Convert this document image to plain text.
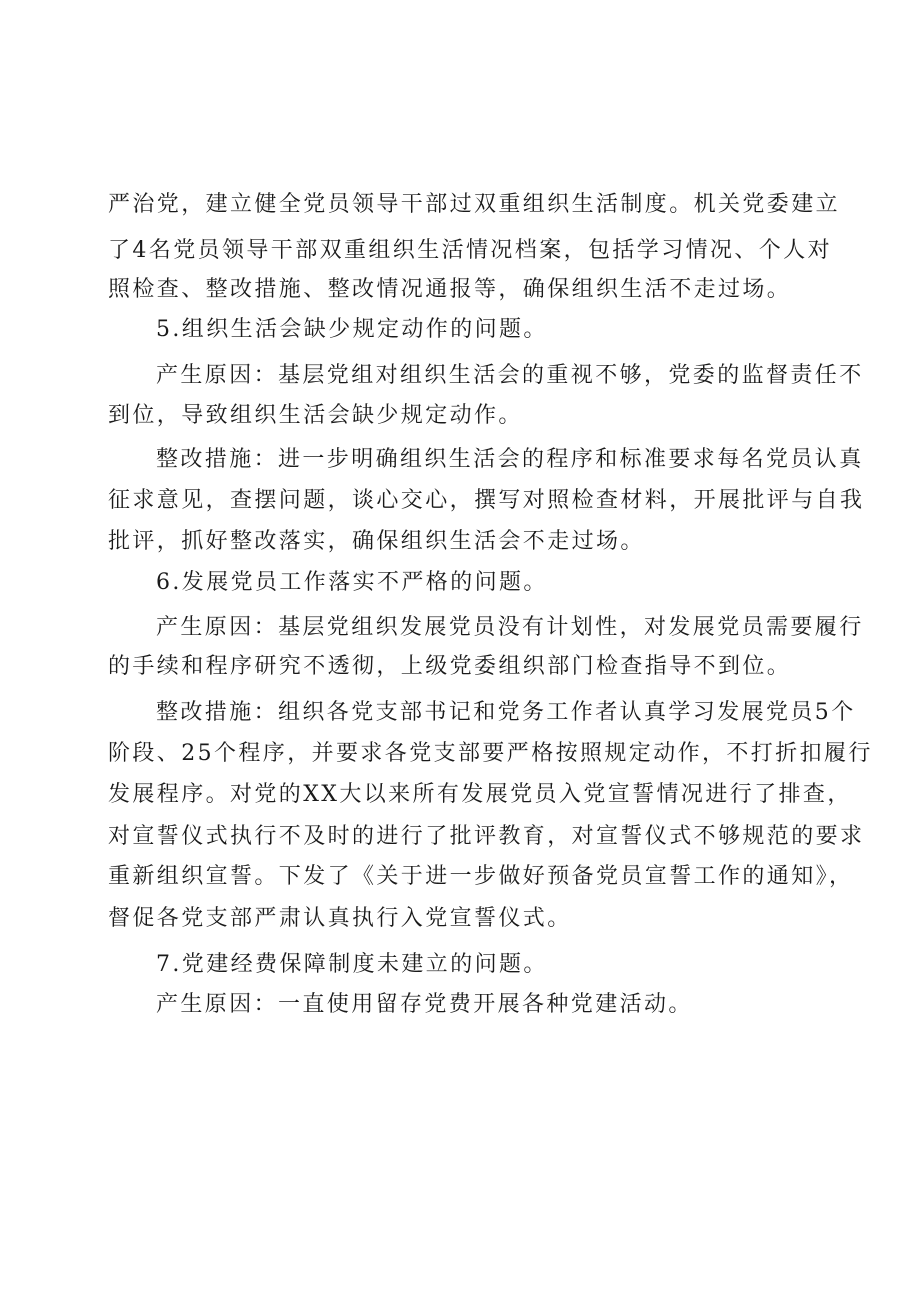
严治党，建立健全党员领导干部过双重组织生活制度。机关党委建立
了4名党员领导干部双重组织生活情况档案，包括学习情况、个人对
照检查、整改措施、整改情况通报等，确保组织生活不走过场。
5.组织生活会缺少规定动作的问题。
产生原因：基层党组对组织生活会的重视不够，党委的监督责任不
到位，导致组织生活会缺少规定动作。
整改措施：进一步明确组织生活会的程序和标准要求每名党员认真
征求意见，查摆问题，谈心交心，撰写对照检查材料，开展批评与自我
批评，抓好整改落实，确保组织生活会不走过场。
6.发展党员工作落实不严格的问题。
产生原因：基层党组织发展党员没有计划性，对发展党员需要履行
的手续和程序研究不透彻，上级党委组织部门检查指导不到位。
整改措施：组织各党支部书记和党务工作者认真学习发展党员5个
阶段、25个程序，并要求各党支部要严格按照规定动作，不打折扣履行
发展程序。对党的XX大以来所有发展党员入党宣誓情况进行了排查，
对宣誓仪式执行不及时的进行了批评教育，对宣誓仪式不够规范的要求
重新组织宣誓。下发了《关于进一步做好预备党员宣誓工作的通知》，
督促各党支部严肃认真执行入党宣誓仪式。
7.党建经费保障制度未建立的问题。
产生原因：一直使用留存党费开展各种党建活动。
